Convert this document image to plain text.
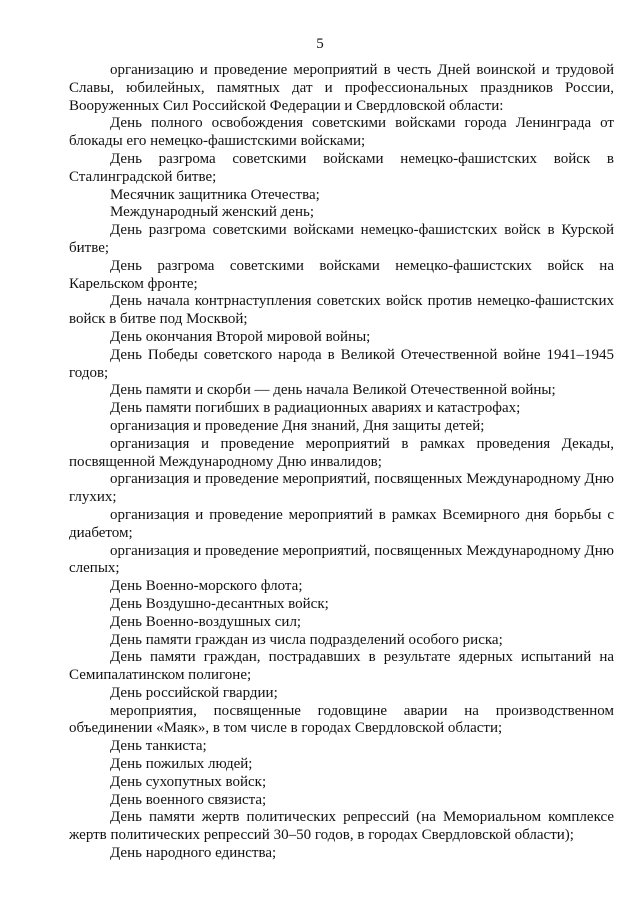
5

организацию и проведение мероприятий в честь Дней воинской и трудовой Славы, юбилейных, памятных дат и профессиональных праздников России, Вооруженных Сил Российской Федерации и Свердловской области:

День полного освобождения советскими войсками города Ленинграда от блокады его немецко-фашистскими войсками;

День разгрома советскими войсками немецко-фашистских войск в Сталинградской битве;

Месячник защитника Отечества;

Международный женский день;

День разгрома советскими войсками немецко-фашистских войск в Курской битве;

День разгрома советскими войсками немецко-фашистских войск на Карельском фронте;

День начала контрнаступления советских войск против немецко-фашистских войск в битве под Москвой;

День окончания Второй мировой войны;

День Победы советского народа в Великой Отечественной войне 1941–1945 годов;

День памяти и скорби — день начала Великой Отечественной войны;

День памяти погибших в радиационных авариях и катастрофах;

организация и проведение Дня знаний, Дня защиты детей;

организация и проведение мероприятий в рамках проведения Декады, посвященной Международному Дню инвалидов;

организация и проведение мероприятий, посвященных Международному Дню глухих;

организация и проведение мероприятий в рамках Всемирного дня борьбы с диабетом;

организация и проведение мероприятий, посвященных Международному Дню слепых;

День Военно-морского флота;

День Воздушно-десантных войск;

День Военно-воздушных сил;

День памяти граждан из числа подразделений особого риска;

День памяти граждан, пострадавших в результате ядерных испытаний на Семипалатинском полигоне;

День российской гвардии;

мероприятия, посвященные годовщине аварии на производственном объединении «Маяк», в том числе в городах Свердловской области;

День танкиста;

День пожилых людей;

День сухопутных войск;

День военного связиста;

День памяти жертв политических репрессий (на Мемориальном комплексе жертв политических репрессий 30–50 годов, в городах Свердловской области);

День народного единства;
